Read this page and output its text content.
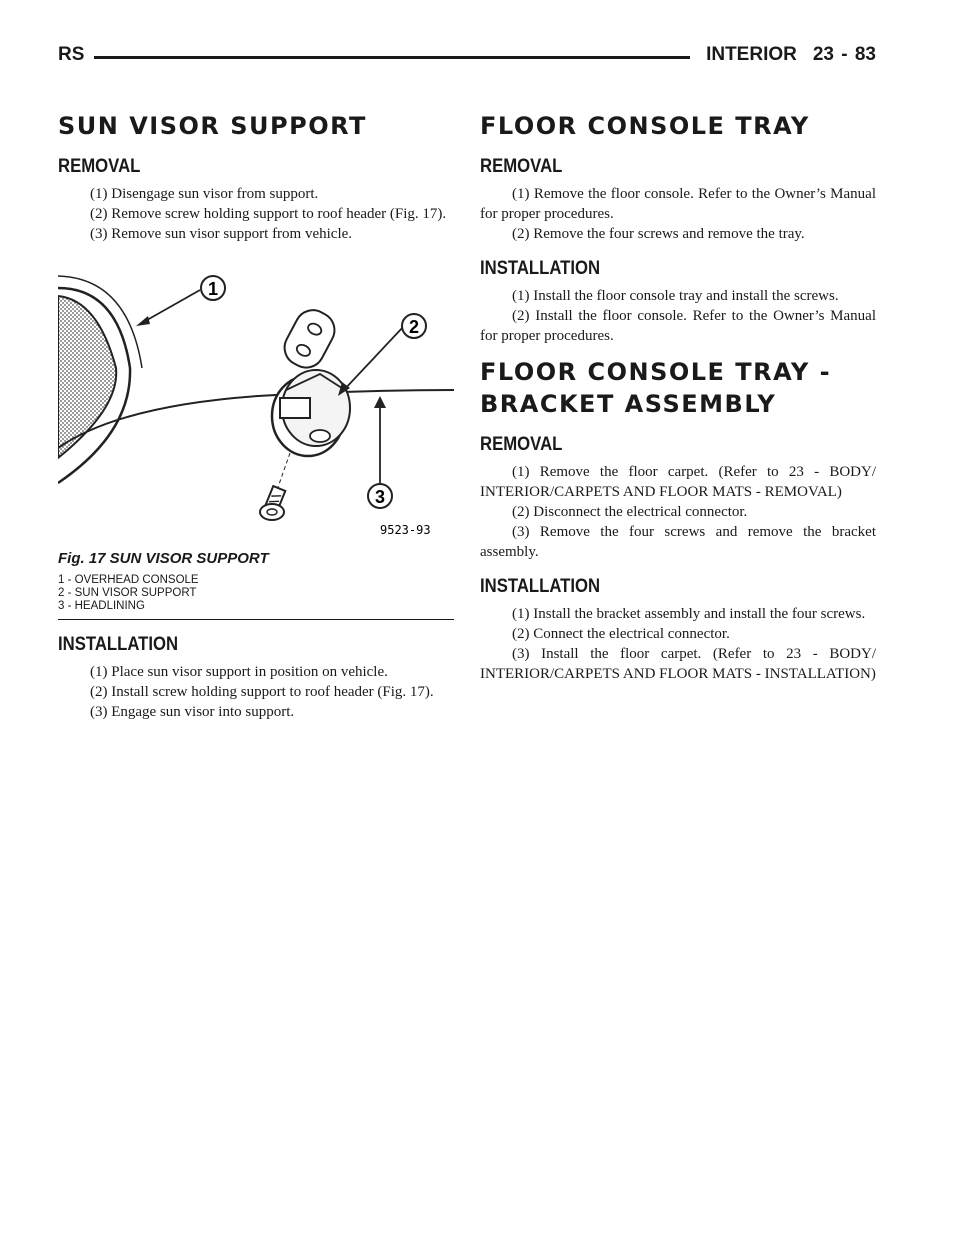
RS	INTERIOR 23 - 83
SUN VISOR SUPPORT
REMOVAL

(1) Disengage sun visor from support.

(2) Remove screw holding support to roof header (Fig. 17).

(3) Remove sun visor support from vehicle.

1
2
3
9523-93
Fig. 17 SUN VISOR SUPPORT
1 - OVERHEAD CONSOLE
2 - SUN VISOR SUPPORT
3 - HEADLINING
INSTALLATION

(1) Place sun visor support in position on vehicle.

(2) Install screw holding support to roof header (Fig. 17).

(3) Engage sun visor into support.

FLOOR CONSOLE TRAY
REMOVAL

(1) Remove the floor console. Refer to the Owner’s Manual for proper procedures.

(2) Remove the four screws and remove the tray.

INSTALLATION

(1) Install the floor console tray and install the screws.

(2) Install the floor console. Refer to the Owner’s Manual for proper procedures.

FLOOR CONSOLE TRAY -
BRACKET ASSEMBLY
REMOVAL

(1) Remove the floor carpet. (Refer to 23 - BODY/ INTERIOR/CARPETS AND FLOOR MATS - REMOVAL)

(2) Disconnect the electrical connector.

(3) Remove the four screws and remove the bracket assembly.

INSTALLATION

(1) Install the bracket assembly and install the four screws.

(2) Connect the electrical connector.

(3) Install the floor carpet. (Refer to 23 - BODY/ INTERIOR/CARPETS AND FLOOR MATS - INSTALLATION)
